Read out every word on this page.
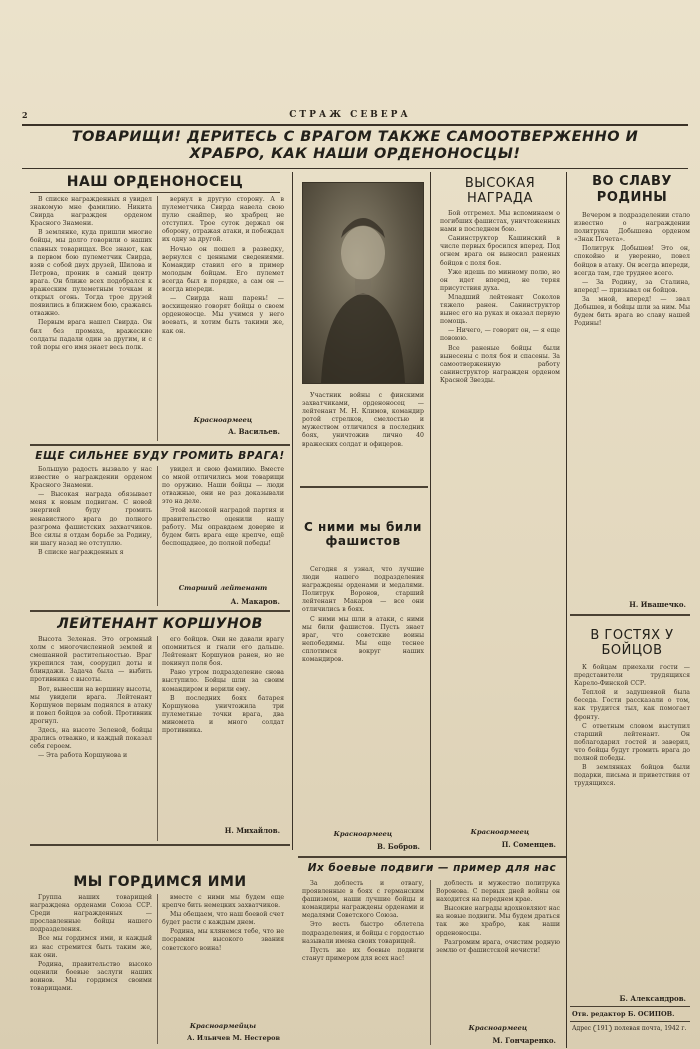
2	СТРАЖ СЕВЕРА
ТОВАРИЩИ! ДЕРИТЕСЬ С ВРАГОМ ТАКЖЕ САМООТВЕРЖЕННО И ХРАБРО, КАК НАШИ ОРДЕНОНОСЦЫ!
НАШ ОРДЕНОНОСЕЦ

В списке награжденных я увидел знакомую мне фамилию. Никита Свирда награжден орденом Красного Знамени.

В землянке, куда пришли многие бойцы, мы долго говорили о наших славных товарищах. Все знают, как в первом бою пулеметчик Свирда, взяв с собой двух друзей, Шилова и Петрова, проник в самый центр врага. Он ближе всех подобрался к вражеским пулеметным точкам и открыл огонь. Тогда трое друзей появились в ближнем бою, сражаясь отважно.

Первым врага нашел Свирда. Он бил без промаха, вражеские солдаты падали один за другим, и с той поры его имя знает весь полк.

вернул в другую сторону. А в пулеметчика Свирда навела свою пулю снайпер, но храбрец не отступил. Трое суток держал он оборону, отражая атаки, и побеждал их одну за другой.

Ночью он пошел в разведку, вернулся с ценными сведениями. Командир ставил его в пример молодым бойцам. Его пулемет всегда был в порядке, а сам он — всегда впереди.

— Свирда наш парень! — восхищенно говорят бойцы о своем орденоносце. Мы учимся у него воевать, и хотим быть такими же, как он.

Красноармеец
А. Васильев.
ЕЩЕ СИЛЬНЕЕ БУДУ ГРОМИТЬ ВРАГА!

Большую радость вызвало у нас известие о награждении орденом Красного Знамени.

— Высокая награда обязывает меня к новым подвигам. С новой энергией буду громить ненавистного врага до полного разгрома фашистских захватчиков. Все силы я отдам борьбе за Родину, ни шагу назад не отступлю.

В списке награжденных я

увидел и свою фамилию. Вместе со мной отличились мои товарищи по оружию. Наши бойцы — люди отважные, они не раз доказывали это на деле.

Этой высокой наградой партия и правительство оценили нашу работу. Мы оправдаем доверие и будем бить врага еще крепче, ещё беспощаднее, до полной победы!

Старший лейтенант
А. Макаров.
ЛЕЙТЕНАНТ КОРШУНОВ

Высота Зеленая. Это огромный холм с многочисленной землей и смешанной растительностью. Враг укрепился там, соорудил доты и блиндажи. Задача была — выбить противника с высоты.

Вот, вынесши на вершину высоты, мы увидели врага. Лейтенант Коршунов первым поднялся в атаку и повел бойцов за собой. Противник дрогнул.

Здесь, на высоте Зеленой, бойцы дрались отважно, и каждый показал себя героем.

— Эта работа Коршунова и

его бойцов. Они не давали врагу опомниться и гнали его дальше. Лейтенант Коршунов ранен, но не покинул поля боя.

Рано утром подразделение снова выступило. Бойцы шли за своим командиром и верили ему.

В последних боях батарея Коршунова уничтожила три пулеметные точки врага, два миномета и много солдат противника.

Н. Михайлов.
МЫ ГОРДИМСЯ ИМИ

Группа наших товарищей награждена орденами Союза ССР. Среди награжденных — прославленные бойцы нашего подразделения.

Все мы гордимся ими, и каждый из нас стремится быть таким же, как они.

Родина, правительство высоко оценили боевые заслуги наших воинов. Мы гордимся своими товарищами.

вместе с ними мы будем еще крепче бить немецких захватчиков.

Мы обещаем, что наш боевой счет будет расти с каждым днем.

Родина, мы клянемся тебе, что не посрамим высокого звания советского воина!

Красноармейцы
А. Ильичев М. Нестеров

Участник войны с финскими захватчиками, орденоносец — лейтенант М. Н. Климов, командир ротой стрелков, смелостью и мужеством отличился в последних боях, уничтожив лично 40 вражеских солдат и офицеров.

С ними мы били фашистов

Сегодня я узнал, что лучшие люди нашего подразделения награждены орденами и медалями. Политрук Воронов, старший лейтенант Макаров — все они отличились в боях.

С ними мы шли в атаки, с ними мы били фашистов. Пусть знает враг, что советские воины непобедимы. Мы еще теснее сплотимся вокруг наших командиров.

Красноармеец
В. Бобров.
ВЫСОКАЯ НАГРАДА

Бой отгремел. Мы вспоминаем о погибших фашистах, уничтоженных нами в последнем бою.

Санинструктор Кашинский в числе первых бросился вперед. Под огнем врага он выносил раненых бойцов с поля боя.

Уже идешь по минному полю, но он идет вперед, не теряя присутствия духа.

Младший лейтенант Соколов тяжело ранен. Санинструктор вынес его на руках и оказал первую помощь.

— Ничего, — говорит он, — я еще повоюю.

Все раненые бойцы были вынесены с поля боя и спасены. За самоотверженную работу санинструктор награжден орденом Красной Звезды.

Красноармеец
П. Соменцев.
ВО СЛАВУ РОДИНЫ

Вечером в подразделении стало известно о награждении политрука Добышева орденом «Знак Почета».

Политрук Добышев! Это он, спокойно и уверенно, повел бойцов в атаку. Он всегда впереди, всегда там, где труднее всего.

— За Родину, за Сталина, вперед! — призывал он бойцов.

За мной, вперед! — звал Добышев, и бойцы шли за ним. Мы будем бить врага во славу нашей Родины!

Н. Ивашечко.
В ГОСТЯХ У БОЙЦОВ

К бойцам приехали гости — представители трудящихся Карело-Финской ССР.

Теплой и задушевной была беседа. Гости рассказали о том, как трудится тыл, как помогает фронту.

С ответным словом выступил старший лейтенант. Он поблагодарил гостей и заверил, что бойцы будут громить врага до полной победы.

В землянках бойцов были подарки, письма и приветствия от трудящихся.

Б. Александров.
Их боевые подвиги — пример для нас

За доблесть и отвагу, проявленные в боях с германским фашизмом, наши лучшие бойцы и командиры награждены орденами и медалями Советского Союза.

Это весть быстро облетела подразделения, и бойцы с гордостью называли имена своих товарищей.

Пусть же их боевые подвиги станут примером для всех нас!

доблесть и мужество политрука Воронова. С первых дней войны он находится на переднем крае.

Высокие награды вдохновляют нас на новые подвиги. Мы будем драться так же храбро, как наши орденоносцы.

Разгромим врага, очистим родную землю от фашистской нечисти!

Красноармеец
М. Гончаренко.
Отв. редактор Б. ОСИПОВ.
Адрес 191 полевая почта, 1942 г.
